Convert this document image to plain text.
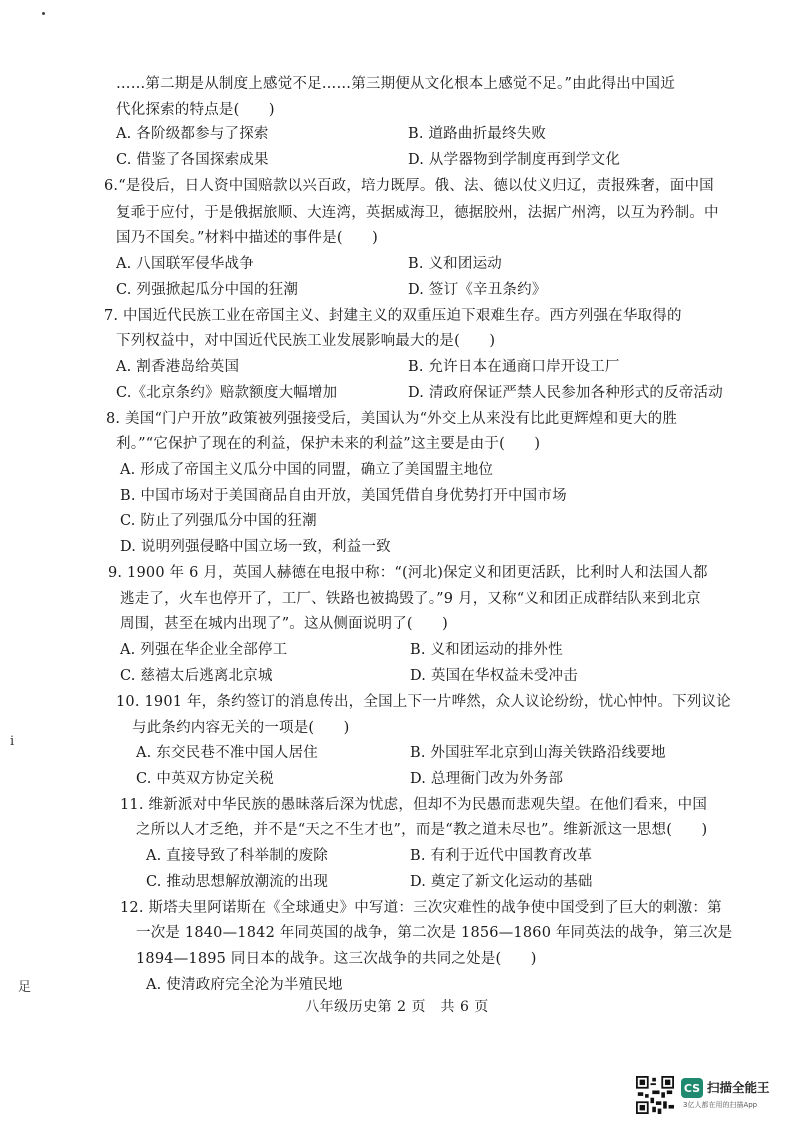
……第二期是从制度上感觉不足……第三期便从文化根本上感觉不足。”由此得出中国近
代化探索的特点是(　　)
A. 各阶级都参与了探索	B. 道路曲折最终失败
C. 借鉴了各国探索成果	D. 从学器物到学制度再到学文化
6.“是役后，日人资中国赔款以兴百政，培力既厚。俄、法、德以仗义归辽，责报殊奢，面中国
复乖于应付，于是俄据旅顺、大连湾，英据威海卫，德据胶州，法据广州湾，以互为矜制。中
国乃不国矣。”材料中描述的事件是(　　)
A. 八国联军侵华战争	B. 义和团运动
C. 列强掀起瓜分中国的狂潮	D. 签订《辛丑条约》
7. 中国近代民族工业在帝国主义、封建主义的双重压迫下艰难生存。西方列强在华取得的
下列权益中，对中国近代民族工业发展影响最大的是(　　)
A. 割香港岛给英国	B. 允许日本在通商口岸开设工厂
C.《北京条约》赔款额度大幅增加	D. 清政府保证严禁人民参加各种形式的反帝活动
8. 美国“门户开放”政策被列强接受后，美国认为“外交上从来没有比此更辉煌和更大的胜
利。”“它保护了现在的利益，保护未来的利益”这主要是由于(　　)
A. 形成了帝国主义瓜分中国的同盟，确立了美国盟主地位
B. 中国市场对于美国商品自由开放，美国凭借自身优势打开中国市场
C. 防止了列强瓜分中国的狂潮
D. 说明列强侵略中国立场一致，利益一致
9. 1900 年 6 月，英国人赫德在电报中称：“(河北)保定义和团更活跃，比利时人和法国人都
逃走了，火车也停开了，工厂、铁路也被捣毁了。”9 月，又称“义和团正成群结队来到北京
周围，甚至在城内出现了”。这从侧面说明了(　　)
A. 列强在华企业全部停工	B. 义和团运动的排外性
C. 慈禧太后逃离北京城	D. 英国在华权益未受冲击
10. 1901 年，条约签订的消息传出，全国上下一片哗然，众人议论纷纷，忧心忡忡。下列议论
与此条约内容无关的一项是(　　)
A. 东交民巷不准中国人居住	B. 外国驻军北京到山海关铁路沿线要地
C. 中英双方协定关税	D. 总理衙门改为外务部
11. 维新派对中华民族的愚昧落后深为忧虑，但却不为民愚而悲观失望。在他们看来，中国
之所以人才乏绝，并不是“天之不生才也”，而是“教之道未尽也”。维新派这一思想(　　)
A. 直接导致了科举制的废除	B. 有利于近代中国教育改革
C. 推动思想解放潮流的出现	D. 奠定了新文化运动的基础
12. 斯塔夫里阿诺斯在《全球通史》中写道：三次灾难性的战争使中国受到了巨大的刺激：第
一次是 1840—1842 年同英国的战争，第二次是 1856—1860 年同英法的战争，第三次是
1894—1895 同日本的战争。这三次战争的共同之处是(　　)
A. 使清政府完全沦为半殖民地
i
足
八年级历史第 2 页　共 6 页
CS 扫描全能王
3亿人都在用的扫描App
